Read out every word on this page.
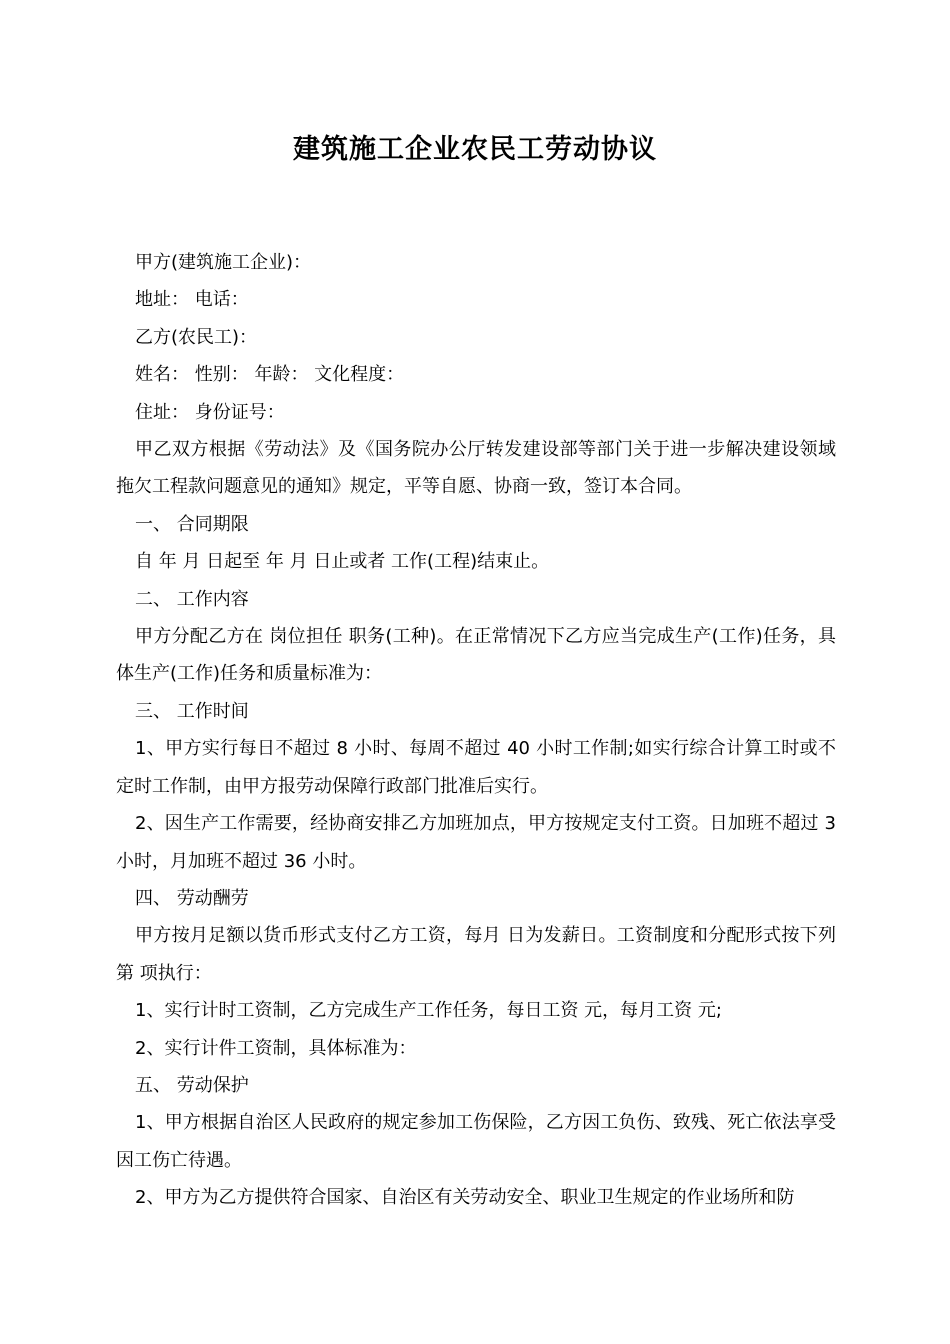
建筑施工企业农民工劳动协议

甲方(建筑施工企业)：

地址： 电话：

乙方(农民工)：

姓名： 性别： 年龄： 文化程度：

住址： 身份证号：

甲乙双方根据《劳动法》及《国务院办公厅转发建设部等部门关于进一步解决建设领域拖欠工程款问题意见的通知》规定，平等自愿、协商一致，签订本合同。

一、 合同期限

自 年 月 日起至 年 月 日止或者 工作(工程)结束止。

二、 工作内容

甲方分配乙方在 岗位担任 职务(工种)。在正常情况下乙方应当完成生产(工作)任务，具体生产(工作)任务和质量标准为：

三、 工作时间

1、甲方实行每日不超过 8 小时、每周不超过 40 小时工作制;如实行综合计算工时或不定时工作制，由甲方报劳动保障行政部门批准后实行。

2、因生产工作需要，经协商安排乙方加班加点，甲方按规定支付工资。日加班不超过 3 小时，月加班不超过 36 小时。

四、 劳动酬劳

甲方按月足额以货币形式支付乙方工资，每月 日为发薪日。工资制度和分配形式按下列第 项执行：

1、实行计时工资制，乙方完成生产工作任务，每日工资 元，每月工资 元;

2、实行计件工资制，具体标准为：

五、 劳动保护

1、甲方根据自治区人民政府的规定参加工伤保险，乙方因工负伤、致残、死亡依法享受因工伤亡待遇。

2、甲方为乙方提供符合国家、自治区有关劳动安全、职业卫生规定的作业场所和防
